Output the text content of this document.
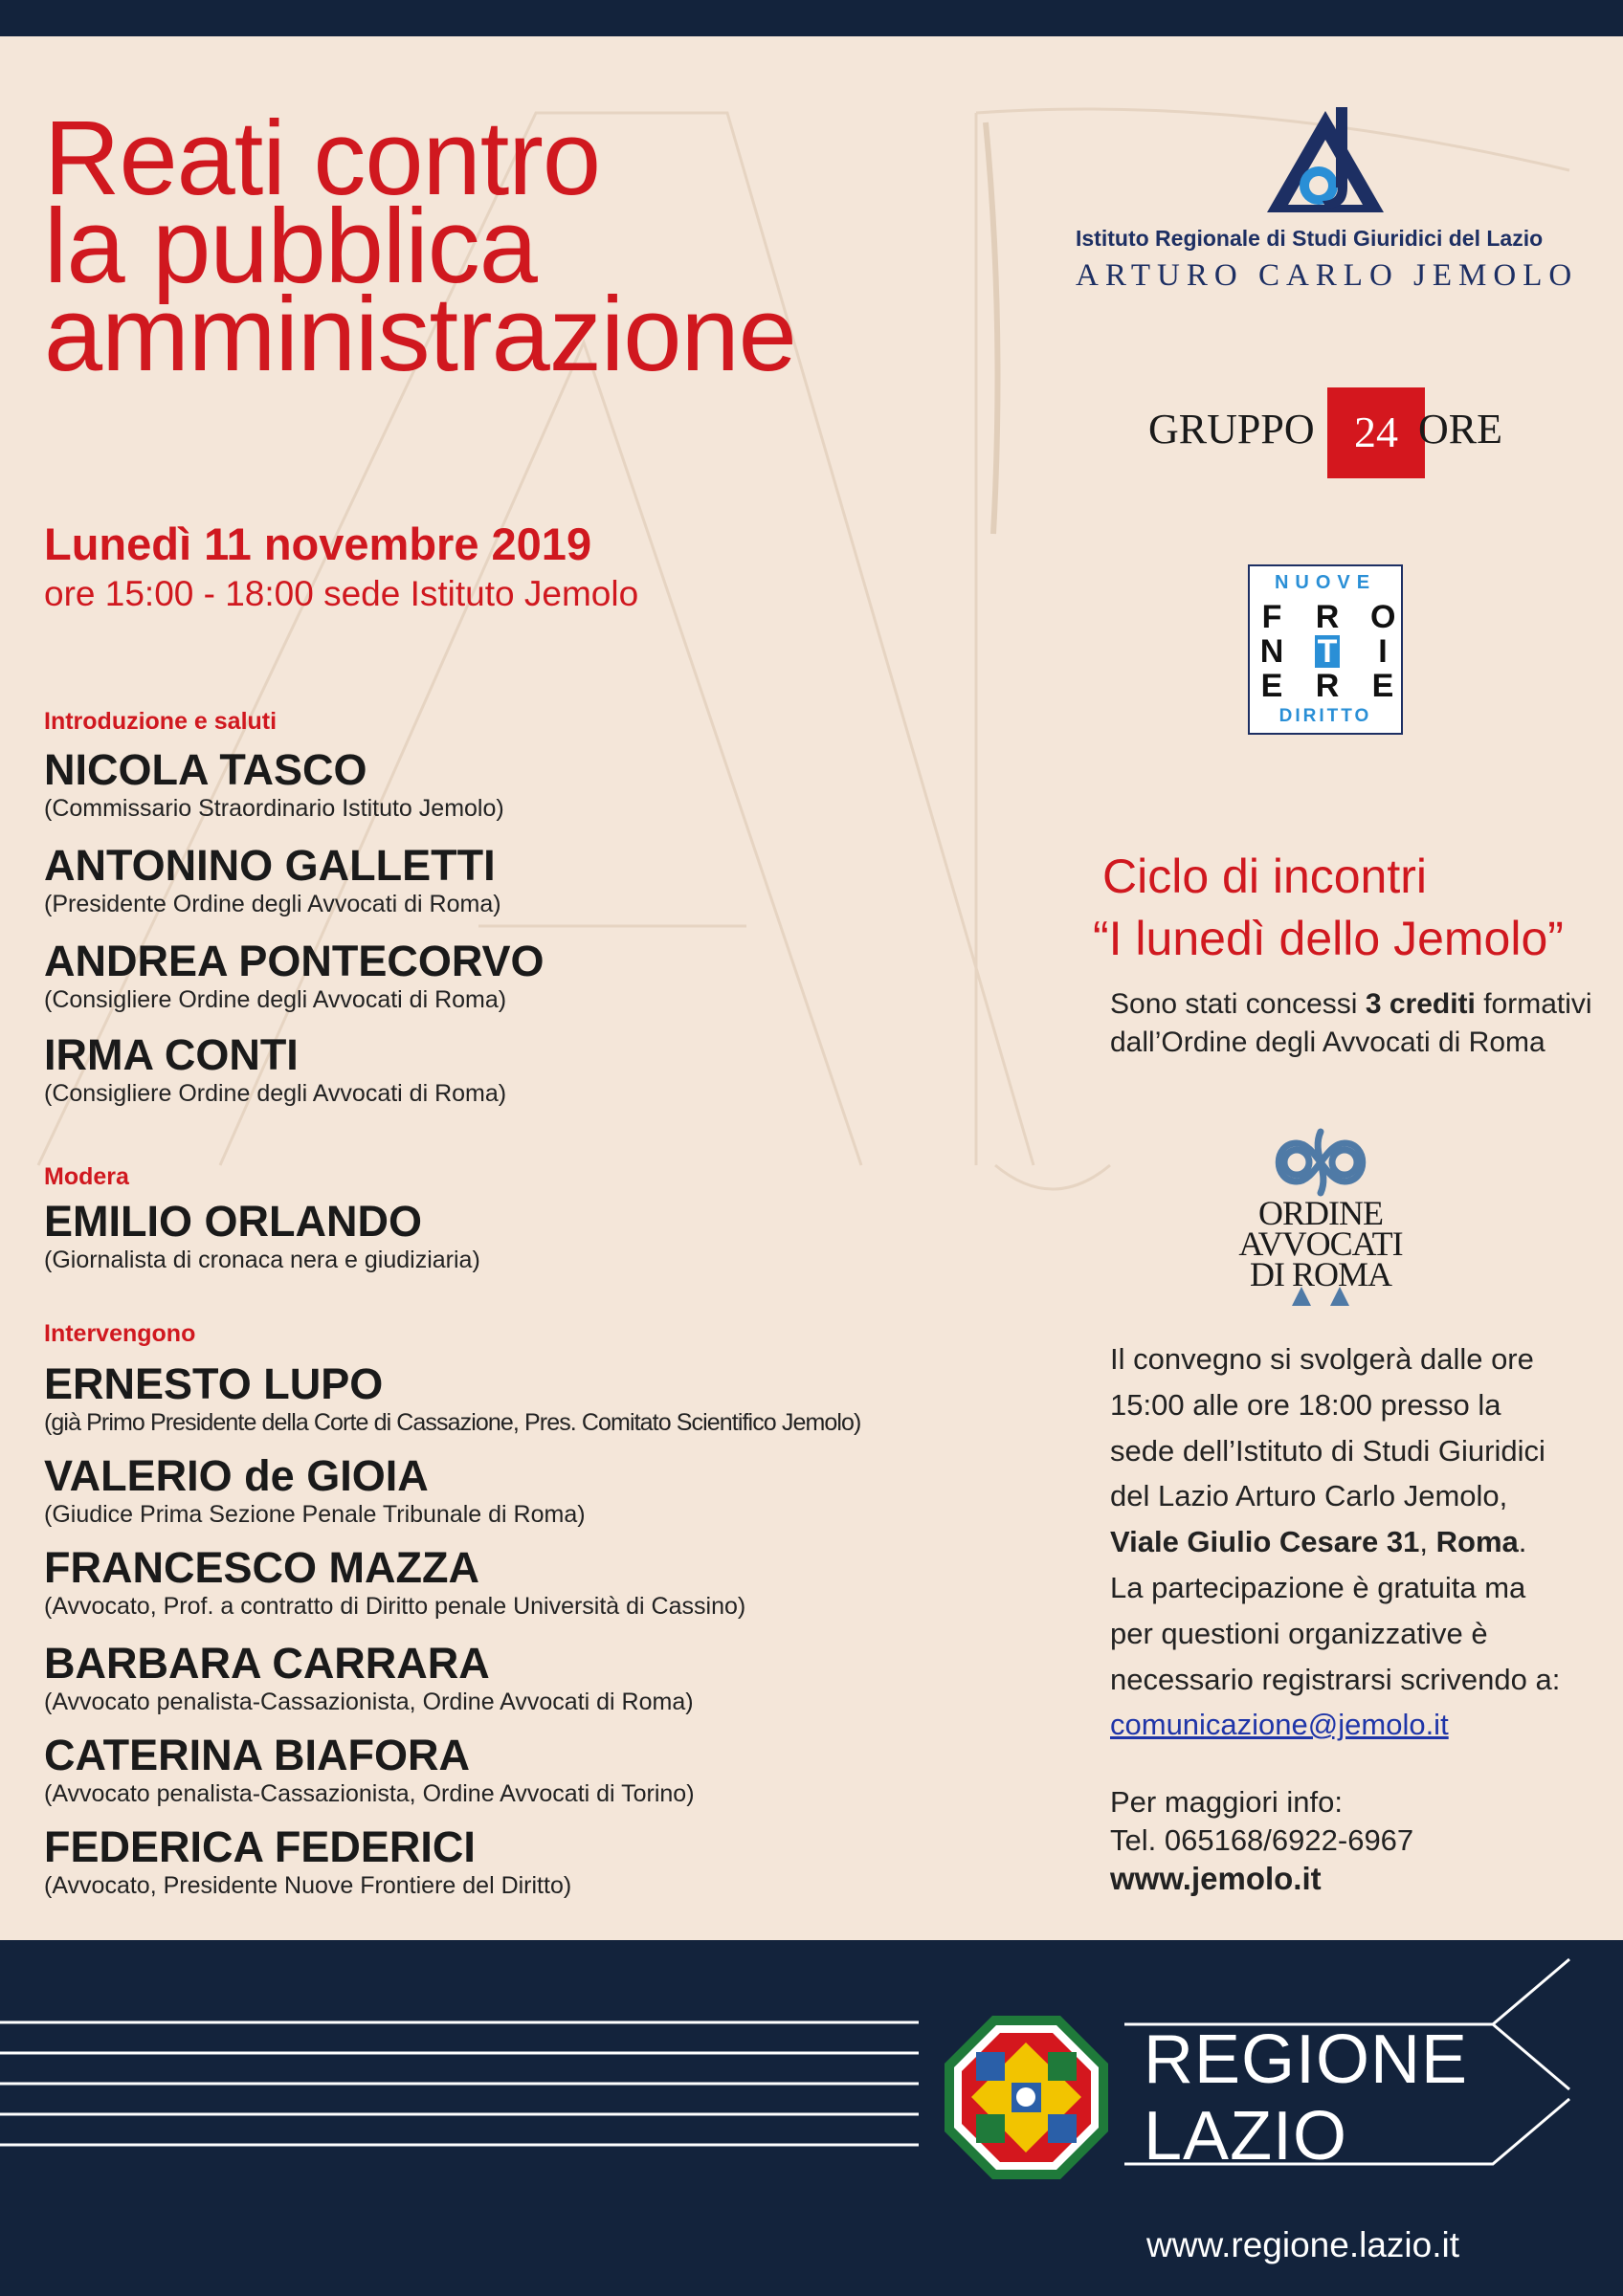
Reati contro
la pubblica
amministrazione
Lunedì 11 novembre 2019
ore 15:00 - 18:00 sede Istituto Jemolo
Introduzione e saluti
NICOLA TASCO
(Commissario Straordinario Istituto Jemolo)
ANTONINO GALLETTI
(Presidente Ordine degli Avvocati di Roma)
ANDREA PONTECORVO
(Consigliere Ordine degli Avvocati di Roma)
IRMA CONTI
(Consigliere Ordine degli Avvocati di Roma)
Modera
EMILIO ORLANDO
(Giornalista di cronaca nera e giudiziaria)
Intervengono
ERNESTO LUPO
(già Primo Presidente della Corte di Cassazione, Pres. Comitato Scientifico Jemolo)
VALERIO de GIOIA
(Giudice Prima Sezione Penale Tribunale di Roma)
FRANCESCO MAZZA
(Avvocato, Prof. a contratto di Diritto penale Università di Cassino)
BARBARA CARRARA
(Avvocato penalista-Cassazionista, Ordine Avvocati di Roma)
CATERINA BIAFORA
(Avvocato penalista-Cassazionista, Ordine Avvocati di Torino)
FEDERICA FEDERICI
(Avvocato, Presidente Nuove Frontiere del Diritto)
Istituto Regionale di Studi Giuridici del Lazio
ARTURO CARLO JEMOLO
GRUPPO 24 ORE
NUOVE
F R O
N T I
E R E
DIRITTO
Ciclo di incontri
“I lunedì dello Jemolo”
Sono stati concessi 3 crediti formativi dall’Ordine degli Avvocati di Roma
ORDINE
AVVOCATI
DI ROMA
Il convegno si svolgerà dalle ore
15:00 alle ore 18:00 presso la
sede dell’Istituto di Studi Giuridici
del Lazio Arturo Carlo Jemolo,
Viale Giulio Cesare 31, Roma.
La partecipazione è gratuita ma
per questioni organizzative è
necessario registrarsi scrivendo a:
comunicazione@jemolo.it
Per maggiori info:
Tel. 065168/6922-6967
www.jemolo.it
REGIONE
LAZIO
www.regione.lazio.it
